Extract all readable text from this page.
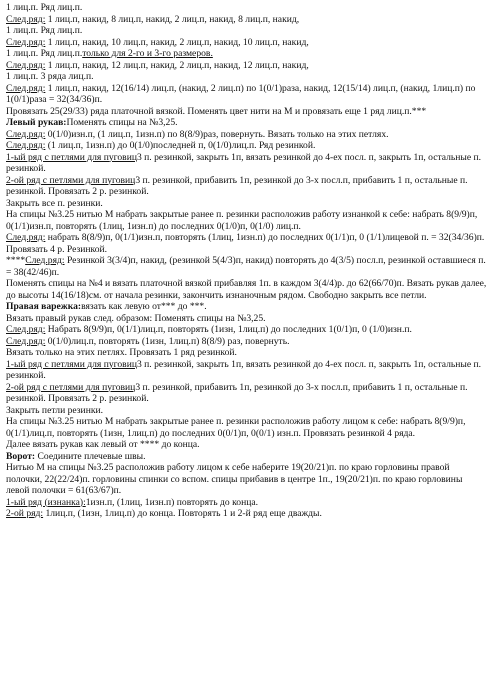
1 лиц.п. Ряд лиц.п.
След.ряд: 1 лиц.п, накид, 8 лиц.п, накид, 2 лиц.п, накид, 8 лиц.п, накид,
1 лиц.п. Ряд лиц.п.
След.ряд: 1 лиц.п, накид, 10 лиц.п, накид, 2 лиц.п, накид, 10 лиц.п, накид,
1 лиц.п. Ряд лиц.п.только для 2-го и 3-го размеров.
След.ряд: 1 лиц.п, накид, 12 лиц.п, накид, 2 лиц.п, накид, 12 лиц.п, накид,
1 лиц.п. 3 ряда лиц.п.
След.ряд: 1 лиц.п, накид, 12(16/14) лиц.п, (накид, 2 лиц.п) по 1(0/1)раза, накид, 12(15/14) лиц.п, (накид, 1лиц.п) по 1(0/1)раза = 32(34/36)п.
Провязать 25(29/33) ряда платочной вязкой. Поменять цвет нити на М и провязать еще 1 ряд лиц.п.***
Левый рукав:Поменять спицы на №3,25.
След.ряд: 0(1/0)изн.п, (1 лиц.п, 1изн.п) по 8(8/9)раз, повернуть. Вязать только на этих петлях.
След.ряд: (1 лиц.п, 1изн.п) до 0(1/0)последней п, 0(1/0)лиц.п. Ряд резинкой.
1-ый ряд с петлями для пуговиц3 п. резинкой, закрыть 1п, вязать резинкой до 4-ех посл. п, закрыть 1п, остальные п. резинкой.
2-ой ряд с петлями для пуговиц3 п. резинкой, прибавить 1п, резинкой до 3-х посл.п, прибавить 1 п, остальные п. резинкой. Провязать 2 р. резинкой.
Закрыть все п. резинки.
На спицы №3.25 нитью М набрать закрытые ранее п. резинки расположив работу изнанкой к себе: набрать 8(9/9)п, 0(1/1)изн.п, повторять (1лиц, 1изн.п) до последних 0(1/0)п, 0(1/0) лиц.п.
След.ряд: набрать 8(8/9)п, 0(1/1)изн.п, повторять (1лиц, 1изн.п) до последних 0(1/1)п, 0 (1/1)лицевой п. = 32(34/36)п. Провязать 4 р. Резинкой.
****След.ряд: Резинкой 3(3/4)п, накид, (резинкой 5(4/3)п, накид) повторять до 4(3/5) посл.п, резинкой оставшиеся п. = 38(42/46)п.
Поменять спицы на №4 и вязать платочной вязкой прибавляя 1п. в каждом 3(4/4)р. до 62(66/70)п. Вязать рукав далее, до высоты 14(16/18)см. от начала резинки, закончить изнаночным рядом. Свободно закрыть все петли.
Правая варежка:вязать как левую от*** до ***.
Вязать правый рукав след. образом: Поменять спицы на №3,25.
След.ряд: Набрать 8(9/9)п, 0(1/1)лиц.п, повторять (1изн, 1лиц.п) до последних 1(0/1)п, 0 (1/0)изн.п.
След.ряд: 0(1/0)лиц.п, повторять (1изн, 1лиц.п) 8(8/9) раз, повернуть.
Вязать только на этих петлях. Провязать 1 ряд резинкой.
1-ый ряд с петлями для пуговиц3 п. резинкой, закрыть 1п, вязать резинкой до 4-ех посл. п, закрыть 1п, остальные п. резинкой.
2-ой ряд с петлями для пуговиц3 п. резинкой, прибавить 1п, резинкой до 3-х посл.п, прибавить 1 п, остальные п. резинкой. Провязать 2 р. резинкой.
Закрыть петли резинки.
На спицы №3.25 нитью М набрать закрытые ранее п. резинки расположив работу лицом к себе: набрать 8(9/9)п, 0(1/1)лиц.п, повторять (1изн, 1лиц.п) до последних 0(0/1)п, 0(0/1) изн.п. Провязать резинкой 4 ряда.
Далее вязать рукав как левый от **** до конца.
Ворот: Соедините плечевые швы.
Нитью М на спицы №3.25 расположив работу лицом к себе наберите 19(20/21)п. по краю горловины правой полочки, 22(22/24)п. горловины спинки со вспом. спицы прибавив в центре 1п., 19(20/21)п. по краю горловины левой полочки = 61(63/67)п.
1-ый ряд (изнанка):1изн.п, (1лиц, 1изн.п) повторять до конца.
2-ой ряд: 1лиц.п, (1изн, 1лиц.п) до конца. Повторять 1 и 2-й ряд еще дважды.
